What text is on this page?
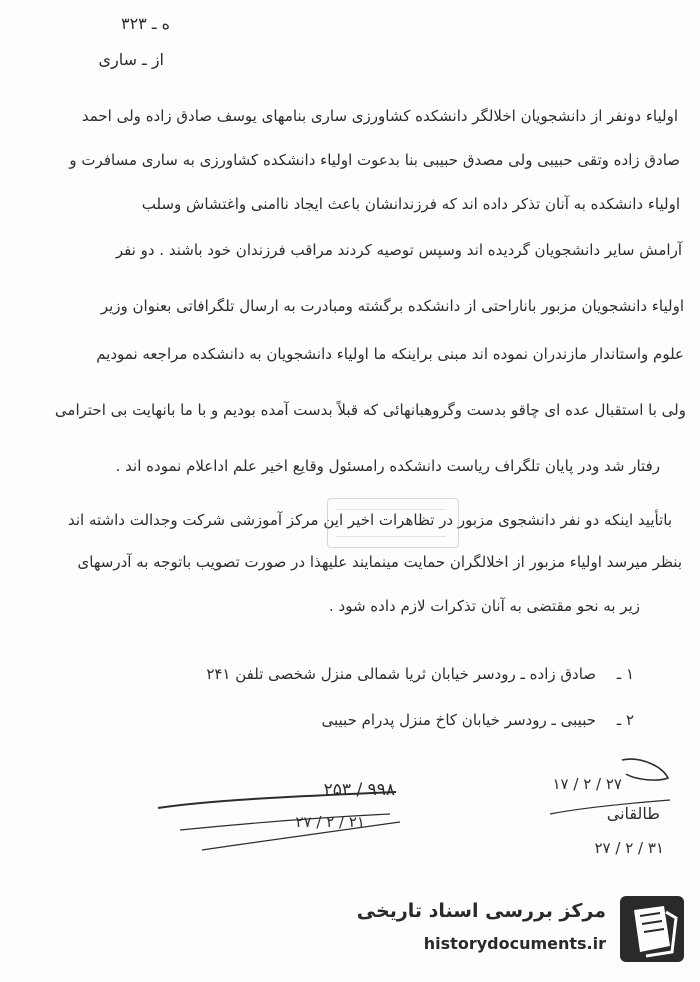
ه ـ ۳۲۳
از ـ ساری
اولیاء دونفر از دانشجویان اخلالگر دانشکده کشاورزی ساری بنامهای یوسف صادق زاده ولی احمد
صادق زاده وتقی حبیبی ولی مصدق حبیبی بنا بدعوت اولیاء دانشکده کشاورزی به ساری مسافرت و
اولیاء دانشکده به آنان تذکر داده اند که فرزندانشان باعث ایجاد ناامنی واغتشاش وسلب
آرامش سایر دانشجویان گردیده اند وسپس توصیه کردند مراقب فرزندان خود باشند . دو نفر
اولیاء دانشجویان مزبور باناراحتی از دانشکده برگشته ومبادرت به ارسال تلگرافاتی بعنوان وزیر
علوم واستاندار مازندران نموده اند مبنی براینکه ما اولیاء دانشجویان به دانشکده مراجعه نمودیم
ولی با استقبال عده ای چاقو بدست وگروهبانهائی که قبلاً بدست آمده بودیم و با ما بانهایت بی احترامی
رفتار شد ودر پایان تلگراف ریاست دانشکده رامسئول وقایع اخیر علم اداعلام نموده اند .
باتأیید اینکه دو نفر دانشجوی مزبور در تظاهرات اخیر این مرکز آموزشی شرکت وجدالت داشته اند
بنظر میرسد اولیاء مزبور از اخلالگران حمایت مینمایند علیهذا در صورت تصویب باتوجه به آدرسهای
زیر به نحو مقتضی به آنان تذکرات لازم داده شود .
۱ ـ
صادق زاده ـ رودسر خیابان ثریا شمالی منزل شخصی تلفن ۲۴۱
۲ ـ
حبیبی ـ رودسر خیابان کاخ منزل پدرام حبیبی
۹۹۸ / ۲۵۳
۲۱ / ۲ / ۲۷
۲۷ / ۲ / ۱۷
طالقانی
۳۱ / ۲ / ۲۷
مرکز بررسی اسناد تاریخی
historydocuments.ir
